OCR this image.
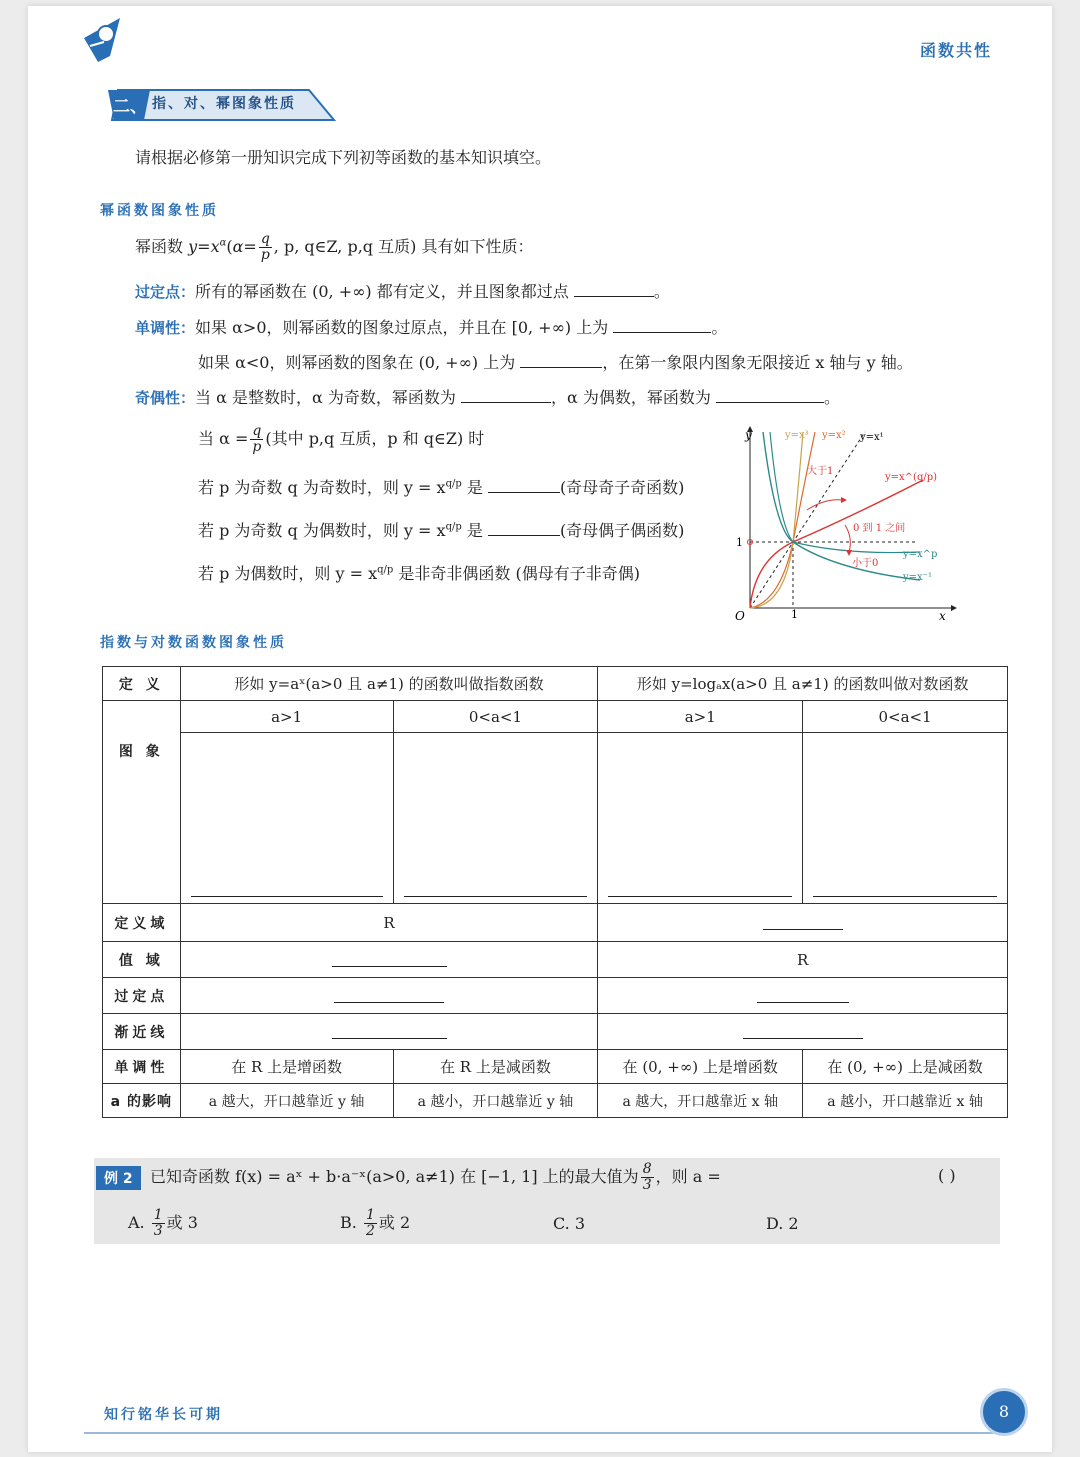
函数共性
二、 指、对、幂图象性质
请根据必修第一册知识完成下列初等函数的基本知识填空。
幂函数图象性质
幂函数 $y=x^\alpha(\alpha= \frac{q}{p}$ , p, q∈Z, p,q 互质) 具有如下性质：
过定点：所有的幂函数在 (0, +∞) 都有定义，并且图象都过点	。
单调性：如果 α>0，则幂函数的图象过原点，并且在 [0, +∞) 上为	。
如果 α<0，则幂函数的图象在 (0, +∞) 上为	，在第一象限内图象无限接近 x 轴与 y 轴。
奇偶性：当 α 是整数时，α 为奇数，幂函数为	，α 为偶数，幂函数为	。
当 $\alpha = \frac{q}{p}$ (其中 p,q 互质，p 和 q∈Z) 时
若 p 为奇数 q 为奇数时，则 $y = x^{q/p}$ 是	(奇母奇子奇函数)
若 p 为奇数 q 为偶数时，则 $y = x^{q/p}$ 是	(奇母偶子偶函数)
若 p 为偶数时，则 $y = x^{q/p}$ 是非奇非偶函数 (偶母有子非奇偶)
y
x
O	1
1
y=x³ y=x² y=x¹
y=x^(q/p)
大于1
0 到 1 之间
小于0
y=x^p
y=x⁻¹
指数与对数函数图象性质
定 义	形如 y=aˣ(a>0 且 a≠1) 的函数叫做指数函数		形如 y=logₐx(a>0 且 a≠1) 的函数叫做对数函数	
图 象	a>1	0<a<1	a>1	0<a<1

定义域	R			
值 域			R	
过定点				
渐近线				
单调性	在 R 上是增函数	在 R 上是减函数	在 (0, +∞) 上是增函数	在 (0, +∞) 上是减函数
a 的影响	a 越大，开口越靠近 y 轴	a 越小，开口越靠近 y 轴	a 越大，开口越靠近 x 轴	a 越小，开口越靠近 x 轴
例 2	已知奇函数 f(x) = aˣ + b·a⁻ˣ(a>0, a≠1) 在 [−1, 1] 上的最大值为 $\frac{8}{3}$ ，则 a =	( )
A. $\frac{1}{3}$ 或 3	B. $\frac{1}{2}$ 或 2	C. 3	D. 2
知行铭华长可期	8
